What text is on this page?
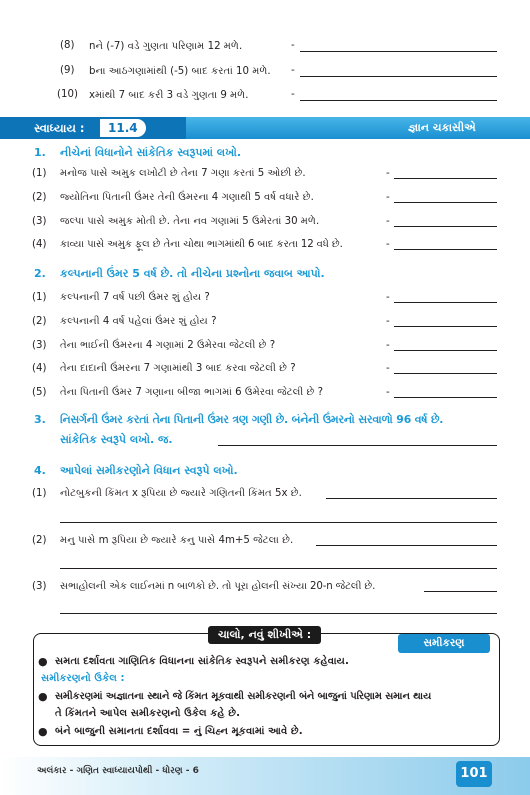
(8) nને (-7) વડે ગુણતા પરિણામ 12 મળે.	-
(9) bના આઠગણામાંથી (-5) બાદ કરતાં 10 મળે. -
(10) xમાંથી 7 બાદ કરી 3 વડે ગુણતા 9 મળે.	-
સ્વાધ્યાય :	11.4	જ્ઞાન ચકાસીએ
1. નીચેનાં વિધાનોને સાંકેતિક સ્વરૂપમાં લખો.
(1) મનોજ પાસે અમુક લખોટી છે તેના 7 ગણા કરતાં 5 ઓછી છે.	-
(2) જ્યોતિના પિતાની ઉંમર તેની ઉંમરના 4 ગણાથી 5 વર્ષ વધારે છે.	-
(3) જલ્પા પાસે અમુક મોતી છે. તેના નવ ગણામાં 5 ઉમેરતાં 30 મળે.	-
(4) કાવ્યા પાસે અમુક ફૂલ છે તેના ચોથા ભાગમાંથી 6 બાદ કરતા 12 વધે છે.	-
2. કલ્પનાની ઉંમર 5 વર્ષ છે. તો નીચેના પ્રશ્નોના જવાબ આપો.
(1) કલ્પનાની 7 વર્ષ પછી ઉંમર શું હોય ?	-
(2) કલ્પનાની 4 વર્ષ પહેલાં ઉંમર શું હોય ?	-
(3) તેના ભાઈની ઉંમરના 4 ગણામાં 2 ઉમેરવા જેટલી છે ?	-
(4) તેના દાદાની ઉંમરના 7 ગણામાંથી 3 બાદ કરવા જેટલી છે ?	-
(5) તેના પિતાની ઉંમર 7 ગણાના બીજા ભાગમાં 6 ઉમેરવા જેટલી છે ?	-
3. નિસર્ગની ઉંમર કરતાં તેના પિતાની ઉંમર ત્રણ ગણી છે. બંનેની ઉંમરનો સરવાળો 96 વર્ષ છે.
સાંકેતિક સ્વરૂપે લખો. જ.
4. આપેલાં સમીકરણોને વિધાન સ્વરૂપે લખો.
(1) નોટબુકની કિંમત x રૂપિયા છે જ્યારે ગણિતની કિંમત 5x છે.
(2) મનુ પાસે m રૂપિયા છે જ્યારે કનુ પાસે 4m+5 જેટલા છે.
(3) સભાહોલની એક લાઈનમાં n બાળકો છે. તો પૂરા હોલની સંખ્યા 20-n જેટલી છે.
ચાલો, નવું શીખીએ :
સમીકરણ
● સમતા દર્શાવતા ગાણિતિક વિધાનના સાંકેતિક સ્વરૂપને સમીકરણ કહેવાય.
સમીકરણનો ઉકેલ :
● સમીકરણમાં અજ્ઞાતના સ્થાને જે કિંમત મૂકવાથી સમીકરણની બંને બાજુનાં પરિણામ સમાન થાય
તે કિંમતને આપેલ સમીકરણનો ઉકેલ કહે છે.
● બંને બાજુની સમાનતા દર્શાવવા = નું ચિહ્ન મૂકવામાં આવે છે.
અલંકાર - ગણિત સ્વાધ્યાયપોથી - ધોરણ - 6	101
